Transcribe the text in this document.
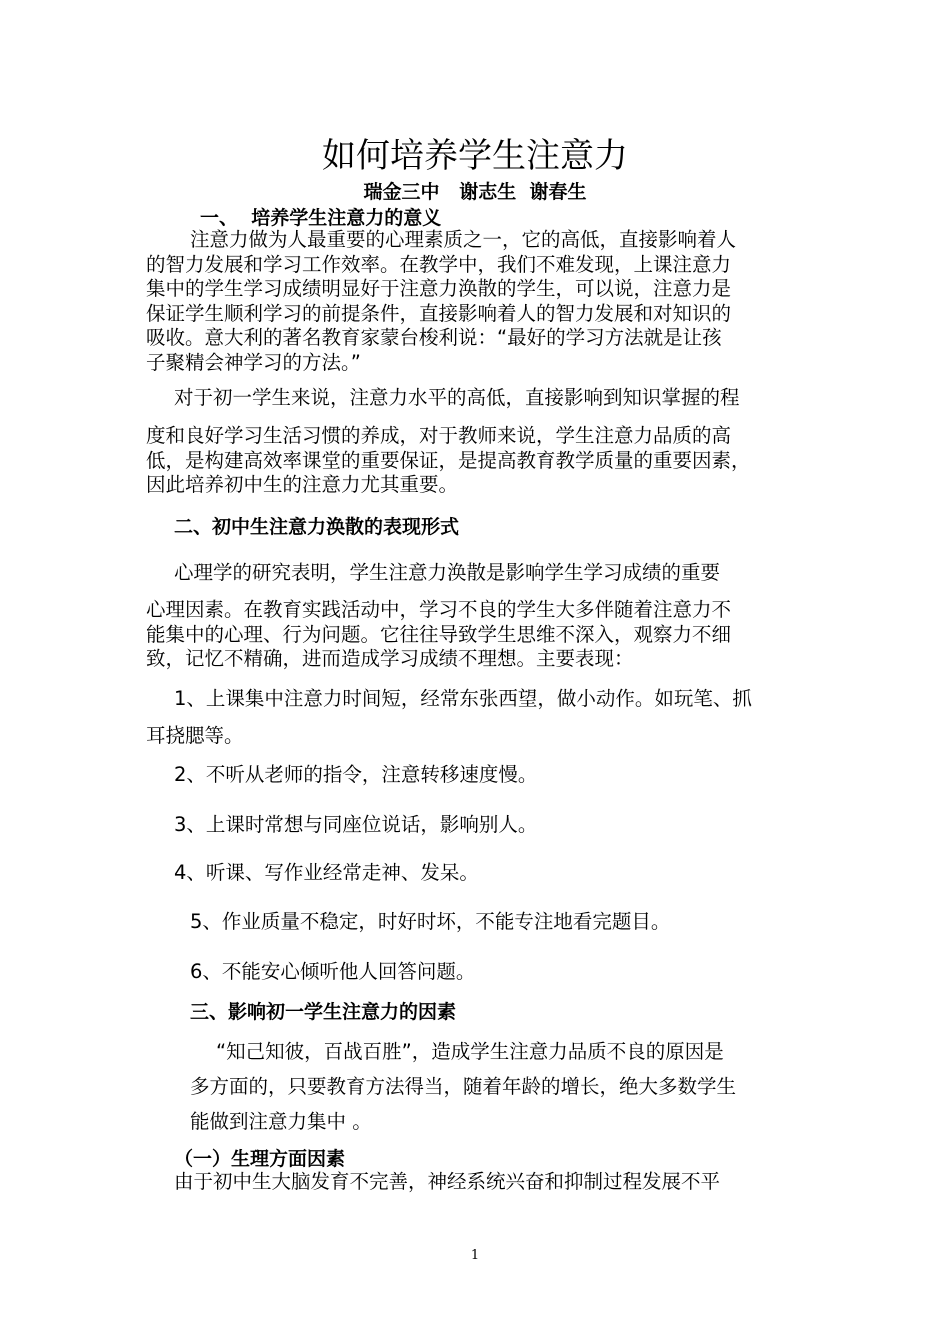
如何培养学生注意力
瑞金三中   谢志生  谢春生
一、  培养学生注意力的意义
注意力做为人最重要的心理素质之一，它的高低，直接影响着人
的智力发展和学习工作效率。在教学中，我们不难发现，上课注意力
集中的学生学习成绩明显好于注意力涣散的学生，可以说，注意力是
保证学生顺利学习的前提条件，直接影响着人的智力发展和对知识的
吸收。意大利的著名教育家蒙台梭利说：“最好的学习方法就是让孩
子聚精会神学习的方法。”
对于初一学生来说，注意力水平的高低，直接影响到知识掌握的程
度和良好学习生活习惯的养成，对于教师来说，学生注意力品质的高
低，是构建高效率课堂的重要保证，是提高教育教学质量的重要因素，
因此培养初中生的注意力尤其重要。
二、初中生注意力涣散的表现形式
心理学的研究表明，学生注意力涣散是影响学生学习成绩的重要
心理因素。在教育实践活动中，学习不良的学生大多伴随着注意力不
能集中的心理、行为问题。它往往导致学生思维不深入，观察力不细
致，记忆不精确，进而造成学习成绩不理想。主要表现：
1、上课集中注意力时间短，经常东张西望，做小动作。如玩笔、抓
耳挠腮等。
2、不听从老师的指令，注意转移速度慢。
3、上课时常想与同座位说话，影响别人。
4、听课、写作业经常走神、发呆。
5、作业质量不稳定，时好时坏，不能专注地看完题目。
6、不能安心倾听他人回答问题。
三、影响初一学生注意力的因素
“知己知彼，百战百胜”，造成学生注意力品质不良的原因是
多方面的，只要教育方法得当，随着年龄的增长，绝大多数学生
能做到注意力集中 。
（一）生理方面因素
由于初中生大脑发育不完善，神经系统兴奋和抑制过程发展不平
1
